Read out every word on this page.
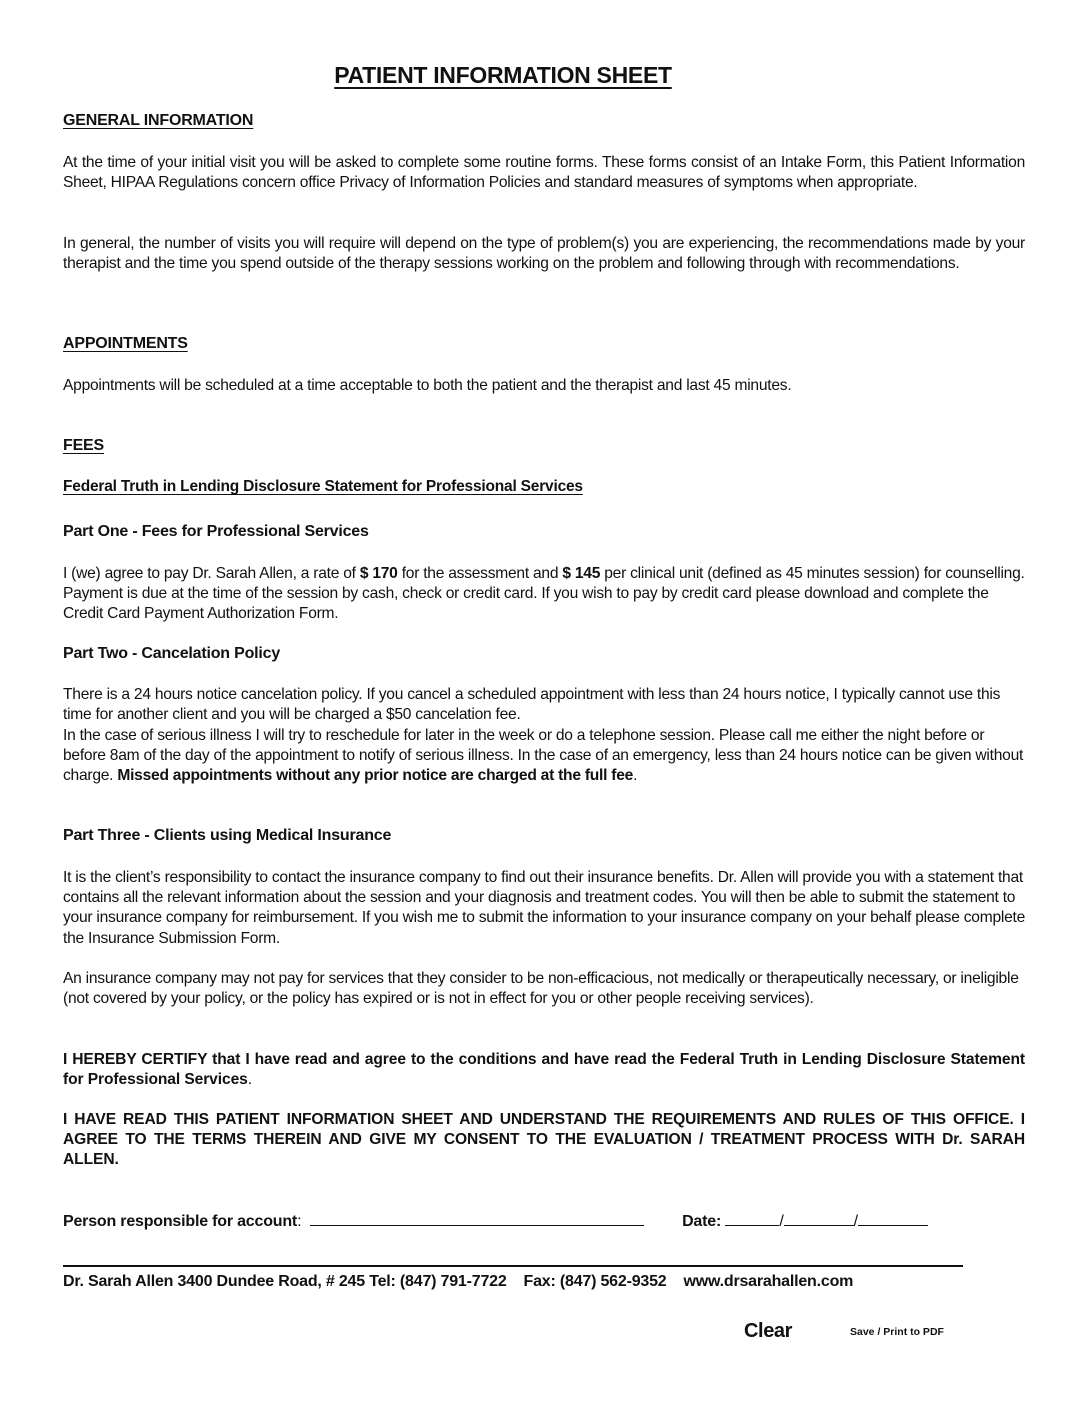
PATIENT INFORMATION SHEET
GENERAL INFORMATION
At the time of your initial visit you will be asked to complete some routine forms. These forms consist of an Intake Form, this Patient Information Sheet, HIPAA Regulations concern office Privacy of Information Policies and standard measures of symptoms when appropriate.
In general, the number of visits you will require will depend on the type of problem(s) you are experiencing, the recommendations made by your therapist and the time you spend outside of the therapy sessions working on the problem and following through with recommendations.
APPOINTMENTS
Appointments will be scheduled at a time acceptable to both the patient and the therapist and last 45 minutes.
FEES
Federal Truth in Lending Disclosure Statement for Professional Services
Part One - Fees for Professional Services
I (we) agree to pay Dr. Sarah Allen, a rate of $ 170 for the assessment and $ 145 per clinical unit (defined as 45 minutes session) for counselling. Payment is due at the time of the session by cash, check or credit card. If you wish to pay by credit card please download and complete the Credit Card Payment Authorization Form.
Part Two - Cancelation Policy
There is a 24 hours notice cancelation policy. If you cancel a scheduled appointment with less than 24 hours notice, I typically cannot use this time for another client and you will be charged a $50 cancelation fee.
In the case of serious illness I will try to reschedule for later in the week or do a telephone session. Please call me either the night before or before 8am of the day of the appointment to notify of serious illness. In the case of an emergency, less than 24 hours notice can be given without charge. Missed appointments without any prior notice are charged at the full fee.
Part Three - Clients using Medical Insurance
It is the client’s responsibility to contact the insurance company to find out their insurance benefits. Dr. Allen will provide you with a statement that contains all the relevant information about the session and your diagnosis and treatment codes. You will then be able to submit the statement to your insurance company for reimbursement. If you wish me to submit the information to your insurance company on your behalf please complete the Insurance Submission Form.
An insurance company may not pay for services that they consider to be non-efficacious, not medically or therapeutically necessary, or ineligible (not covered by your policy, or the policy has expired or is not in effect for you or other people receiving services).
I HEREBY CERTIFY that I have read and agree to the conditions and have read the Federal Truth in Lending Disclosure Statement for Professional Services.
I HAVE READ THIS PATIENT INFORMATION SHEET AND UNDERSTAND THE REQUIREMENTS AND RULES OF THIS OFFICE. I AGREE TO THE TERMS THEREIN AND GIVE MY CONSENT TO THE EVALUATION / TREATMENT PROCESS WITH Dr. SARAH ALLEN.
Person responsible for account:	Date:	/	/
Dr. Sarah Allen 3400 Dundee Road, # 245 Tel: (847) 791-7722 Fax: (847) 562-9352 www.drsarahallen.com
Clear	Save / Print to PDF
